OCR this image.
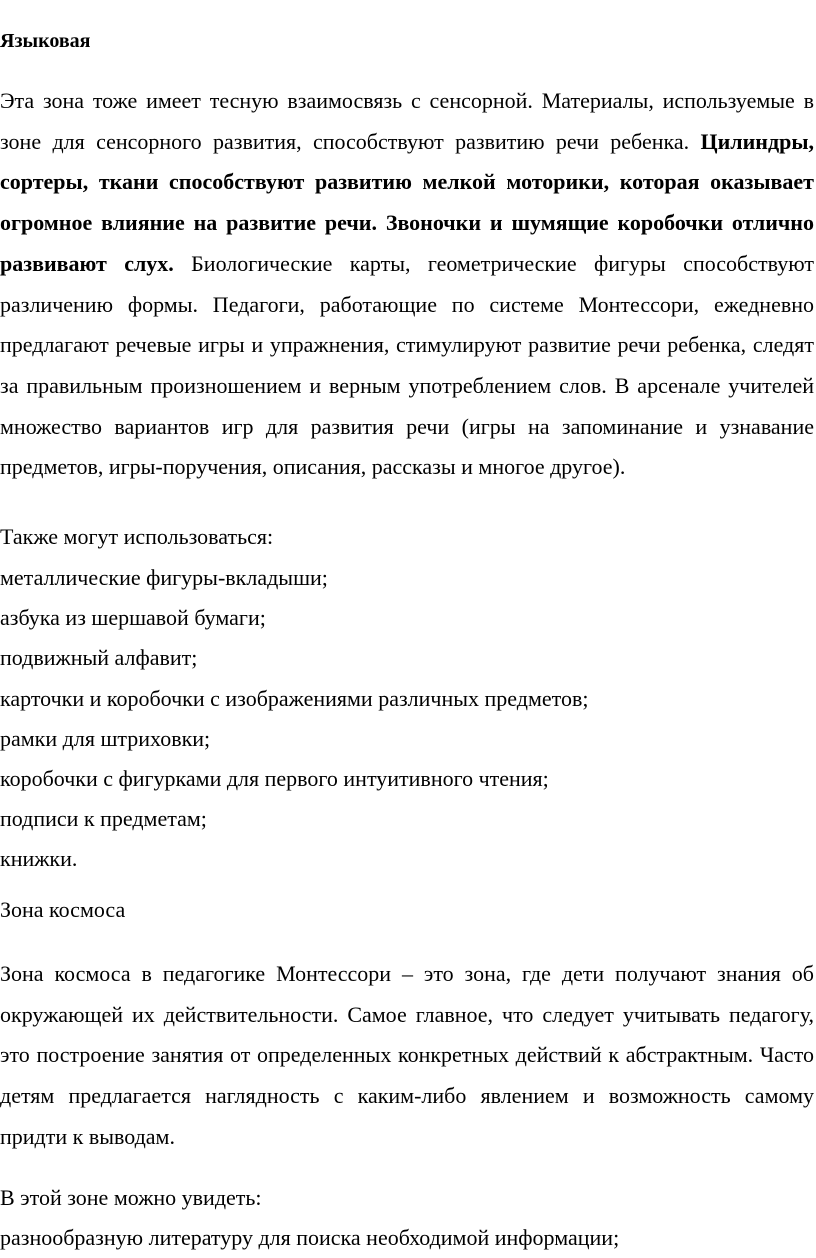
Языковая

Эта зона тоже имеет тесную взаимосвязь с сенсорной. Материалы, используемые в зоне для сенсорного развития, способствуют развитию речи ребенка. Цилиндры, сортеры, ткани способствуют развитию мелкой моторики, которая оказывает огромное влияние на развитие речи. Звоночки и шумящие коробочки отлично развивают слух. Биологические карты, геометрические фигуры способствуют различению формы. Педагоги, работающие по системе Монтессори, ежедневно предлагают речевые игры и упражнения, стимулируют развитие речи ребенка, следят за правильным произношением и верным употреблением слов. В арсенале учителей множество вариантов игр для развития речи (игры на запоминание и узнавание предметов, игры-поручения, описания, рассказы и многое другое).

Также могут использоваться:

металлические фигуры-вкладыши;

азбука из шершавой бумаги;

подвижный алфавит;

карточки и коробочки с изображениями различных предметов;

рамки для штриховки;

коробочки с фигурками для первого интуитивного чтения;

подписи к предметам;

книжки.

Зона космоса

Зона космоса в педагогике Монтессори – это зона, где дети получают знания об окружающей их действительности. Самое главное, что следует учитывать педагогу, это построение занятия от определенных конкретных действий к абстрактным. Часто детям предлагается наглядность с каким-либо явлением и возможность самому придти к выводам.

В этой зоне можно увидеть:

разнообразную литературу для поиска необходимой информации;
